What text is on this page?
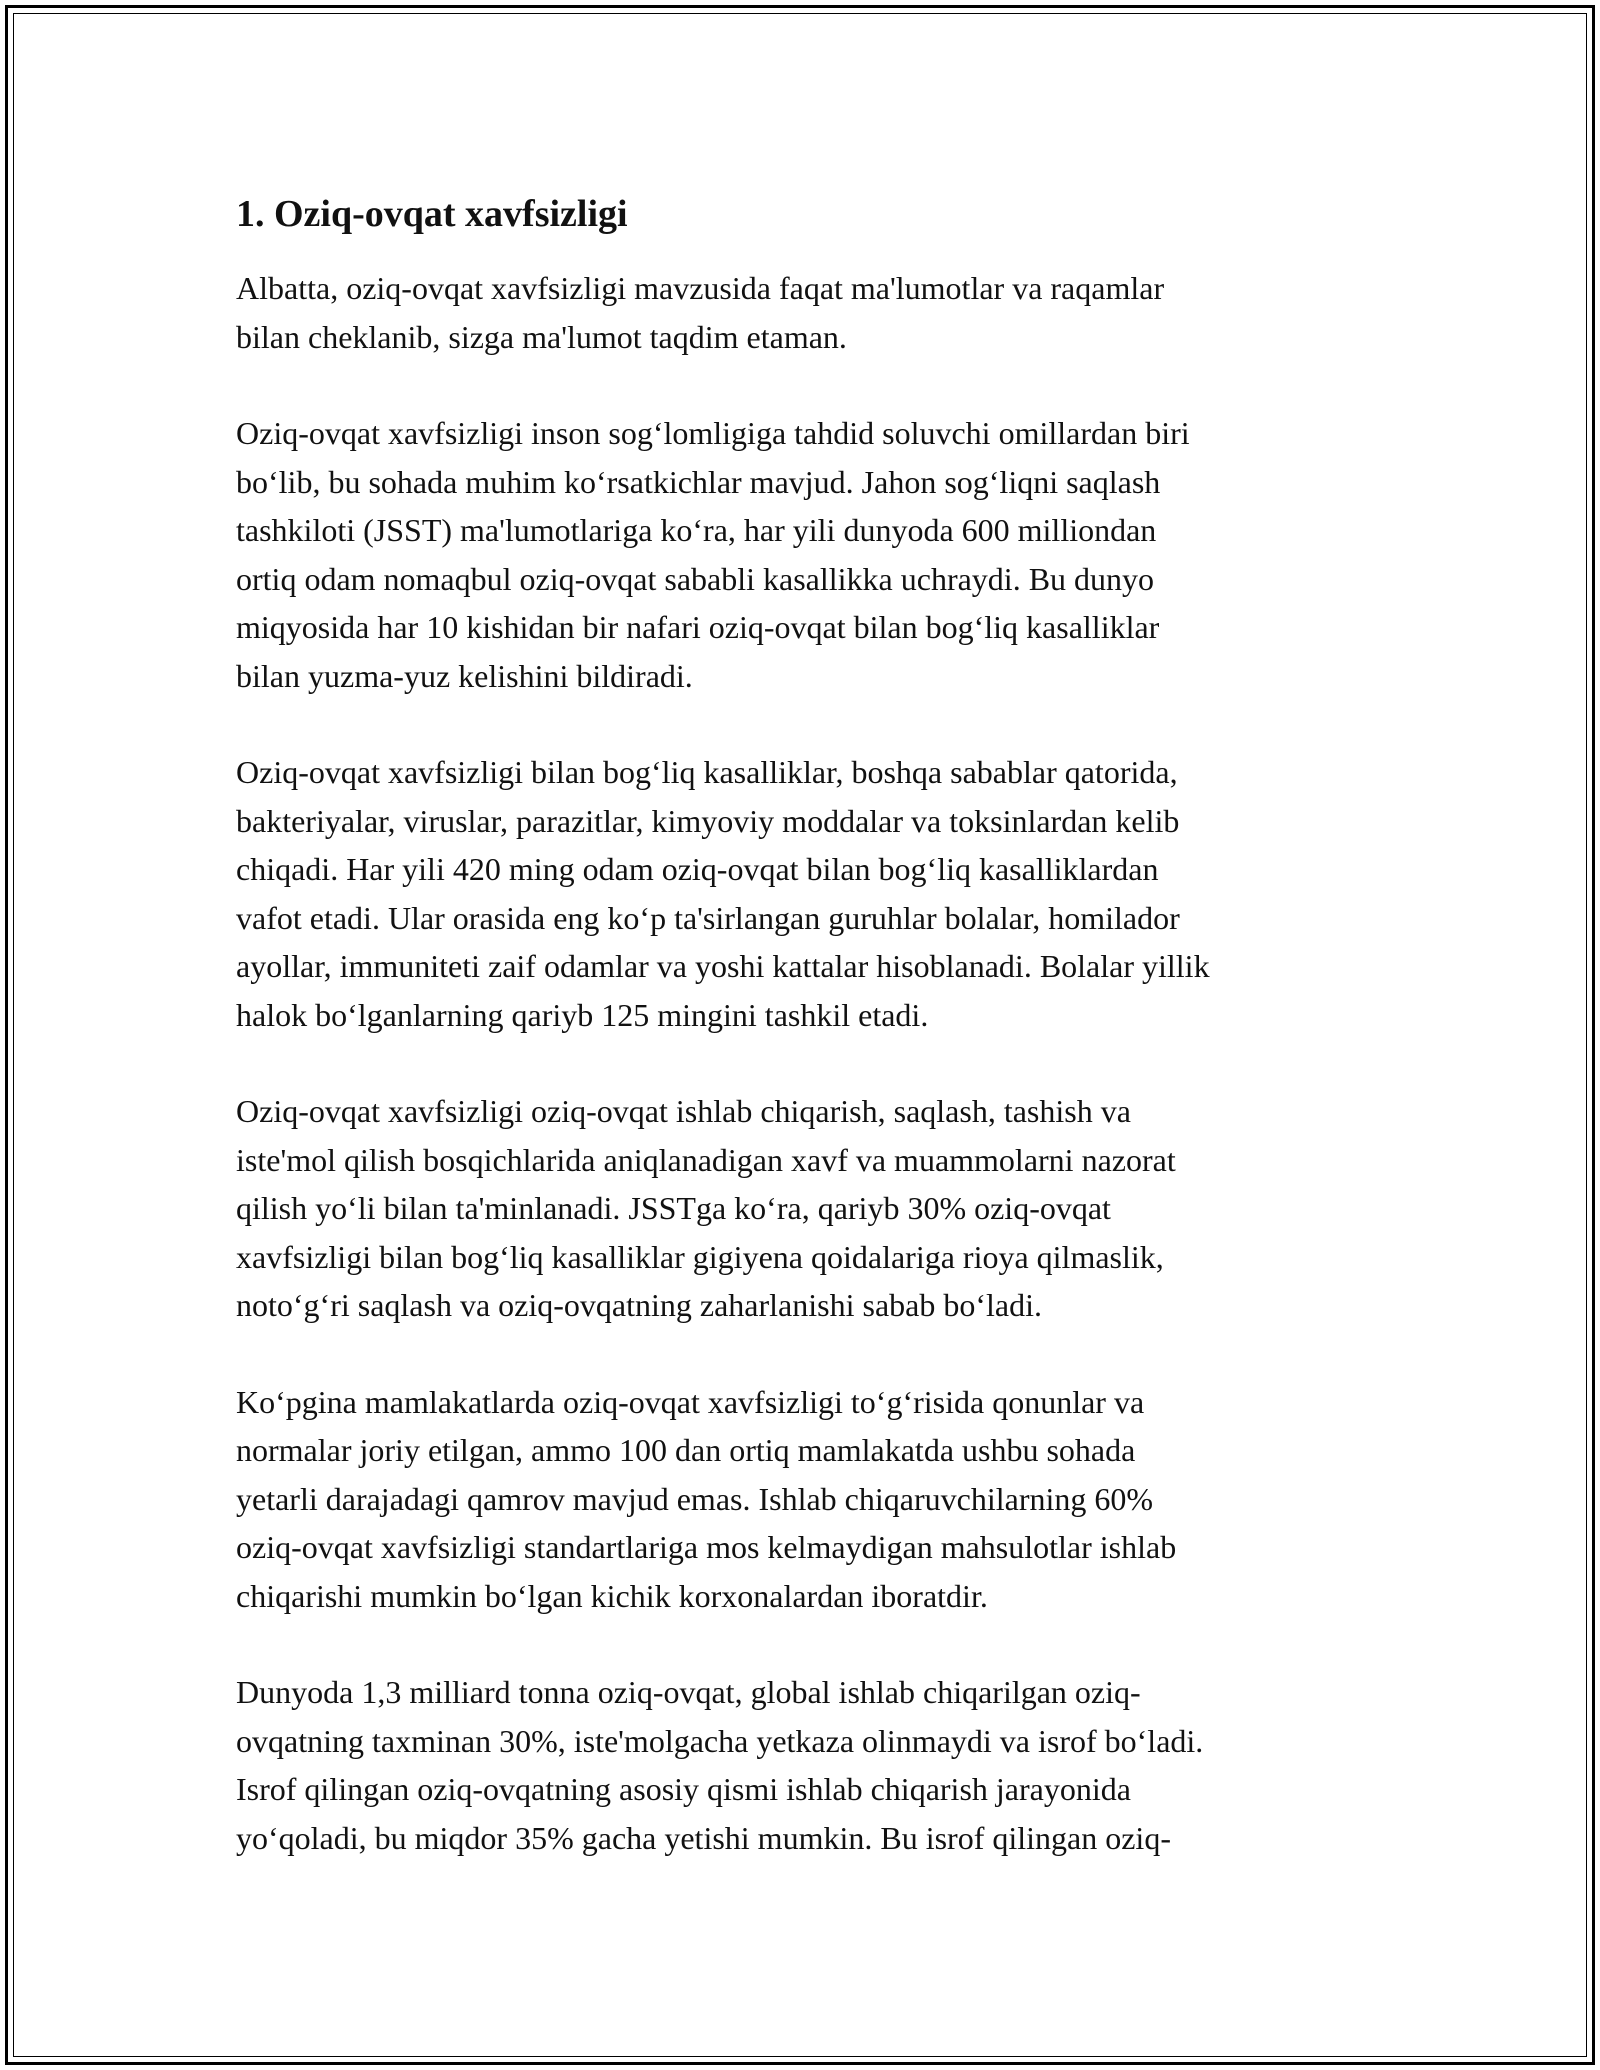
1. Oziq-ovqat xavfsizligi

Albatta, oziq-ovqat xavfsizligi mavzusida faqat ma'lumotlar va raqamlar
bilan cheklanib, sizga ma'lumot taqdim etaman.

Oziq-ovqat xavfsizligi inson sog‘lomligiga tahdid soluvchi omillardan biri
bo‘lib, bu sohada muhim ko‘rsatkichlar mavjud. Jahon sog‘liqni saqlash
tashkiloti (JSST) ma'lumotlariga ko‘ra, har yili dunyoda 600 milliondan
ortiq odam nomaqbul oziq-ovqat sababli kasallikka uchraydi. Bu dunyo
miqyosida har 10 kishidan bir nafari oziq-ovqat bilan bog‘liq kasalliklar
bilan yuzma-yuz kelishini bildiradi.

Oziq-ovqat xavfsizligi bilan bog‘liq kasalliklar, boshqa sabablar qatorida,
bakteriyalar, viruslar, parazitlar, kimyoviy moddalar va toksinlardan kelib
chiqadi. Har yili 420 ming odam oziq-ovqat bilan bog‘liq kasalliklardan
vafot etadi. Ular orasida eng ko‘p ta'sirlangan guruhlar bolalar, homilador
ayollar, immuniteti zaif odamlar va yoshi kattalar hisoblanadi. Bolalar yillik
halok bo‘lganlarning qariyb 125 mingini tashkil etadi.

Oziq-ovqat xavfsizligi oziq-ovqat ishlab chiqarish, saqlash, tashish va
iste'mol qilish bosqichlarida aniqlanadigan xavf va muammolarni nazorat
qilish yo‘li bilan ta'minlanadi. JSSTga ko‘ra, qariyb 30% oziq-ovqat
xavfsizligi bilan bog‘liq kasalliklar gigiyena qoidalariga rioya qilmaslik,
noto‘g‘ri saqlash va oziq-ovqatning zaharlanishi sabab bo‘ladi.

Ko‘pgina mamlakatlarda oziq-ovqat xavfsizligi to‘g‘risida qonunlar va
normalar joriy etilgan, ammo 100 dan ortiq mamlakatda ushbu sohada
yetarli darajadagi qamrov mavjud emas. Ishlab chiqaruvchilarning 60%
oziq-ovqat xavfsizligi standartlariga mos kelmaydigan mahsulotlar ishlab
chiqarishi mumkin bo‘lgan kichik korxonalardan iboratdir.

Dunyoda 1,3 milliard tonna oziq-ovqat, global ishlab chiqarilgan oziq-
ovqatning taxminan 30%, iste'molgacha yetkaza olinmaydi va isrof bo‘ladi.
Isrof qilingan oziq-ovqatning asosiy qismi ishlab chiqarish jarayonida
yo‘qoladi, bu miqdor 35% gacha yetishi mumkin. Bu isrof qilingan oziq-
